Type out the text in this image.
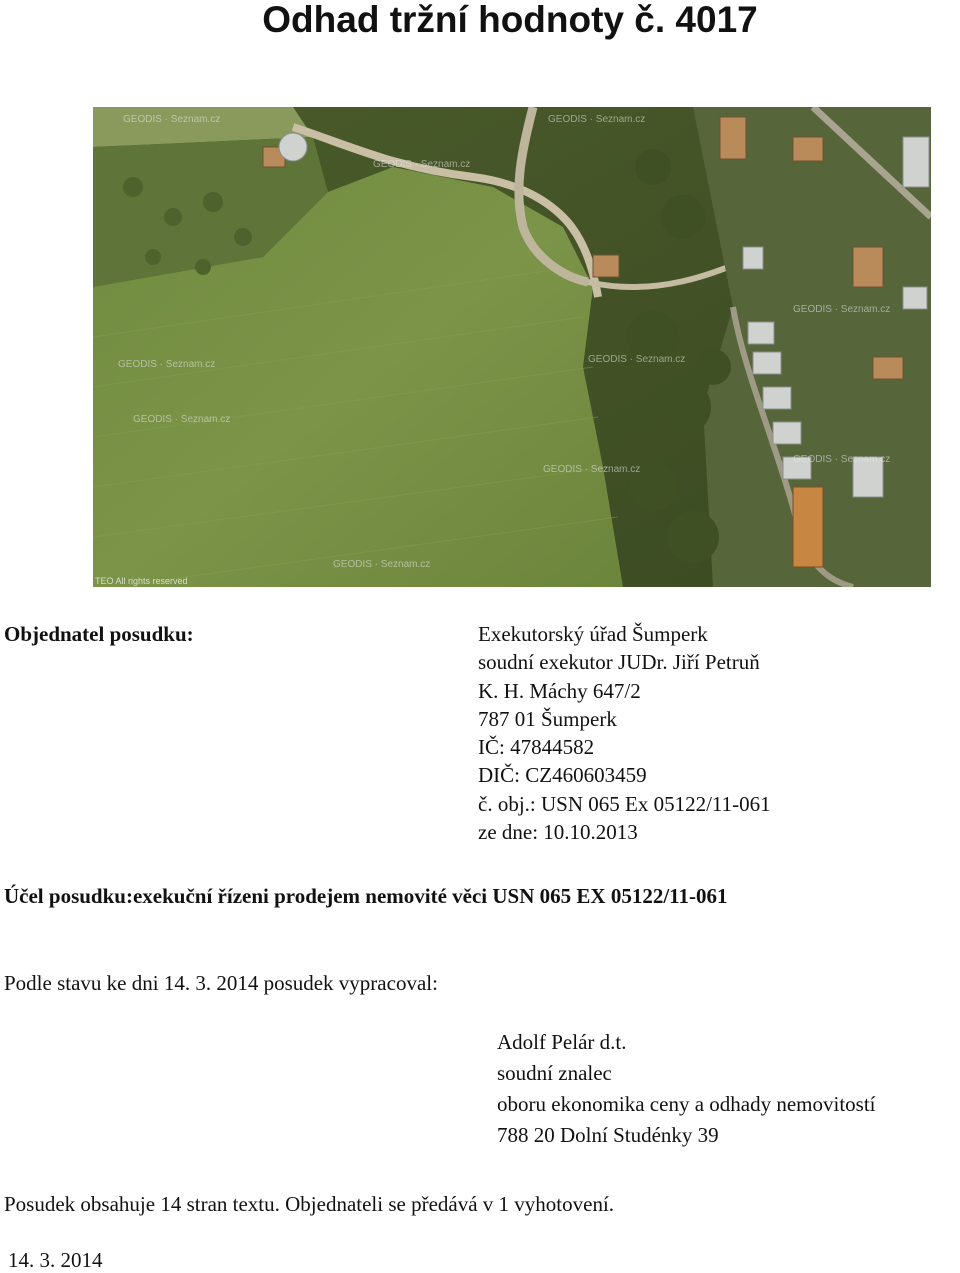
Odhad tržní hodnoty č. 4017
GEODIS · Seznam.cz
GEODIS · Seznam.cz
GEODIS · Seznam.cz
GEODIS · Seznam.cz	GEODIS · Seznam.cz
GEODIS · Seznam.cz
GEODIS · Seznam.cz
GEODIS · Seznam.cz
GEODIS · Seznam.cz
GEODIS · Seznam.cz
TEO All rights reserved
Objednatel posudku:	Exekutorský úřad Šumperk
soudní exekutor JUDr. Jiří Petruň
K. H. Máchy 647/2
787 01 Šumperk
IČ: 47844582
DIČ: CZ460603459
č. obj.: USN 065 Ex 05122/11-061
ze dne: 10.10.2013
Účel posudku:exekuční řízeni prodejem nemovité věci USN 065 EX 05122/11-061
Podle stavu ke dni 14. 3. 2014 posudek vypracoval:
Adolf Pelár d.t.
soudní znalec
oboru ekonomika ceny a odhady nemovitostí
788 20 Dolní Studénky 39
Posudek obsahuje 14 stran textu. Objednateli se předává v 1 vyhotovení.
14. 3. 2014
